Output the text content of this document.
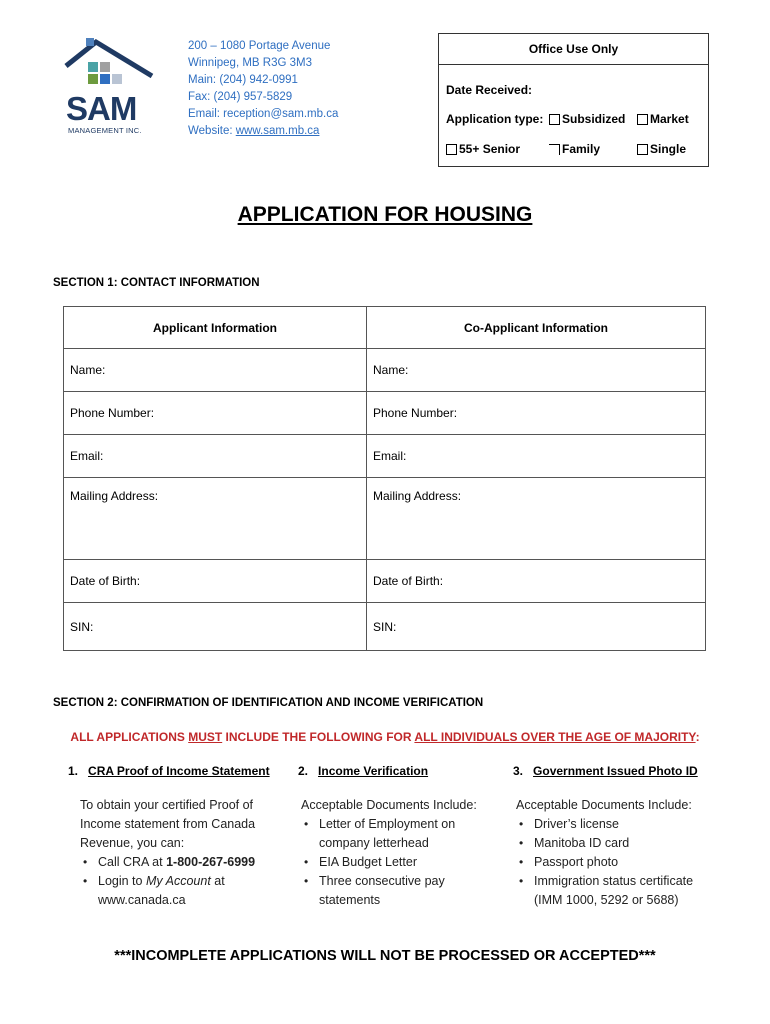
SAM
MANAGEMENT INC.
200 – 1080 Portage Avenue
Winnipeg, MB R3G 3M3
Main: (204) 942-0991
Fax: (204) 957-5829
Email: reception@sam.mb.ca
Website: www.sam.mb.ca
Office Use Only
Date Received:
Application type:	Subsidized	Market
55+ Senior	Family	Single
APPLICATION FOR HOUSING
SECTION 1: CONTACT INFORMATION
Applicant Information	Co-Applicant Information
Name:	Name:
Phone Number:	Phone Number:
Email:	Email:
Mailing Address:	Mailing Address:
Date of Birth:	Date of Birth:
SIN:	SIN:
SECTION 2: CONFIRMATION OF IDENTIFICATION AND INCOME VERIFICATION
ALL APPLICATIONS MUST INCLUDE THE FOLLOWING FOR ALL INDIVIDUALS OVER THE AGE OF MAJORITY:
1. CRA Proof of Income Statement
To obtain your certified Proof of
Income statement from Canada
Revenue, you can:
• Call CRA at 1-800-267-6999
• Login to My Account at
www.canada.ca
2. Income Verification
Acceptable Documents Include:
• Letter of Employment on
company letterhead
• EIA Budget Letter
• Three consecutive pay
statements
3. Government Issued Photo ID
Acceptable Documents Include:
• Driver’s license
• Manitoba ID card
• Passport photo
• Immigration status certificate
(IMM 1000, 5292 or 5688)
***INCOMPLETE APPLICATIONS WILL NOT BE PROCESSED OR ACCEPTED***
